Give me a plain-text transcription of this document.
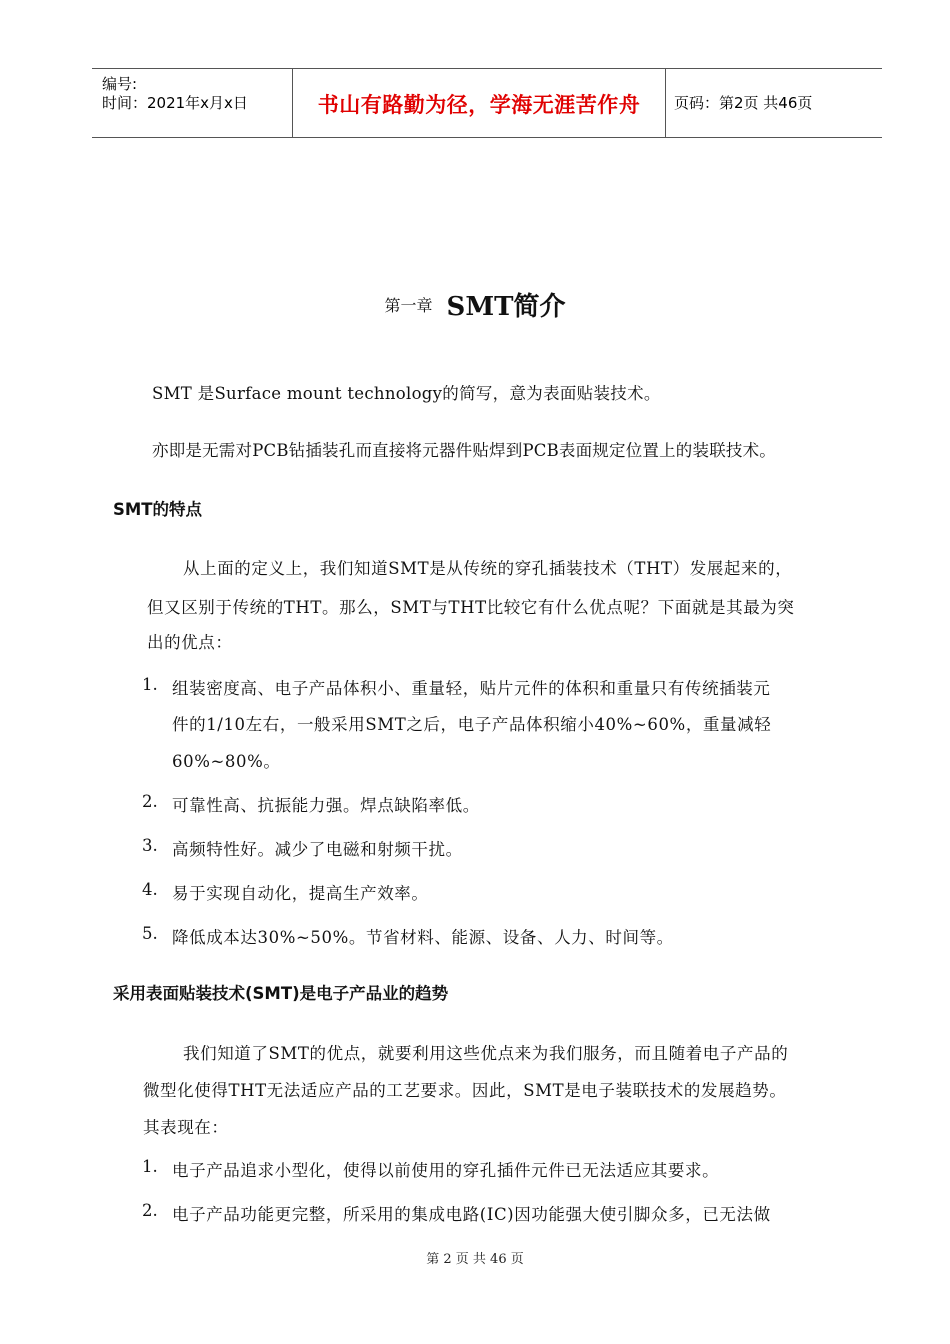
编号:
时间：2021年x月x日	书山有路勤为径，学海无涯苦作舟	页码：第2页 共46页
第一章 SMT简介
SMT 是Surface mount technology的简写，意为表面贴装技术。
亦即是无需对PCB钻插装孔而直接将元器件贴焊到PCB表面规定位置上的装联技术。
SMT的特点
从上面的定义上，我们知道SMT是从传统的穿孔插装技术（THT）发展起来的，
但又区别于传统的THT。那么，SMT与THT比较它有什么优点呢？下面就是其最为突
出的优点：
1. 组装密度高、电子产品体积小、重量轻，贴片元件的体积和重量只有传统插装元
件的1/10左右，一般采用SMT之后，电子产品体积缩小40%~60%，重量减轻
60%~80%。
2. 可靠性高、抗振能力强。焊点缺陷率低。
3. 高频特性好。减少了电磁和射频干扰。
4. 易于实现自动化，提高生产效率。
5. 降低成本达30%~50%。节省材料、能源、设备、人力、时间等。
采用表面贴装技术(SMT)是电子产品业的趋势
我们知道了SMT的优点，就要利用这些优点来为我们服务，而且随着电子产品的
微型化使得THT无法适应产品的工艺要求。因此，SMT是电子装联技术的发展趋势。
其表现在：
1. 电子产品追求小型化，使得以前使用的穿孔插件元件已无法适应其要求。
2. 电子产品功能更完整，所采用的集成电路(IC)因功能强大使引脚众多，已无法做
第 2 页 共 46 页
